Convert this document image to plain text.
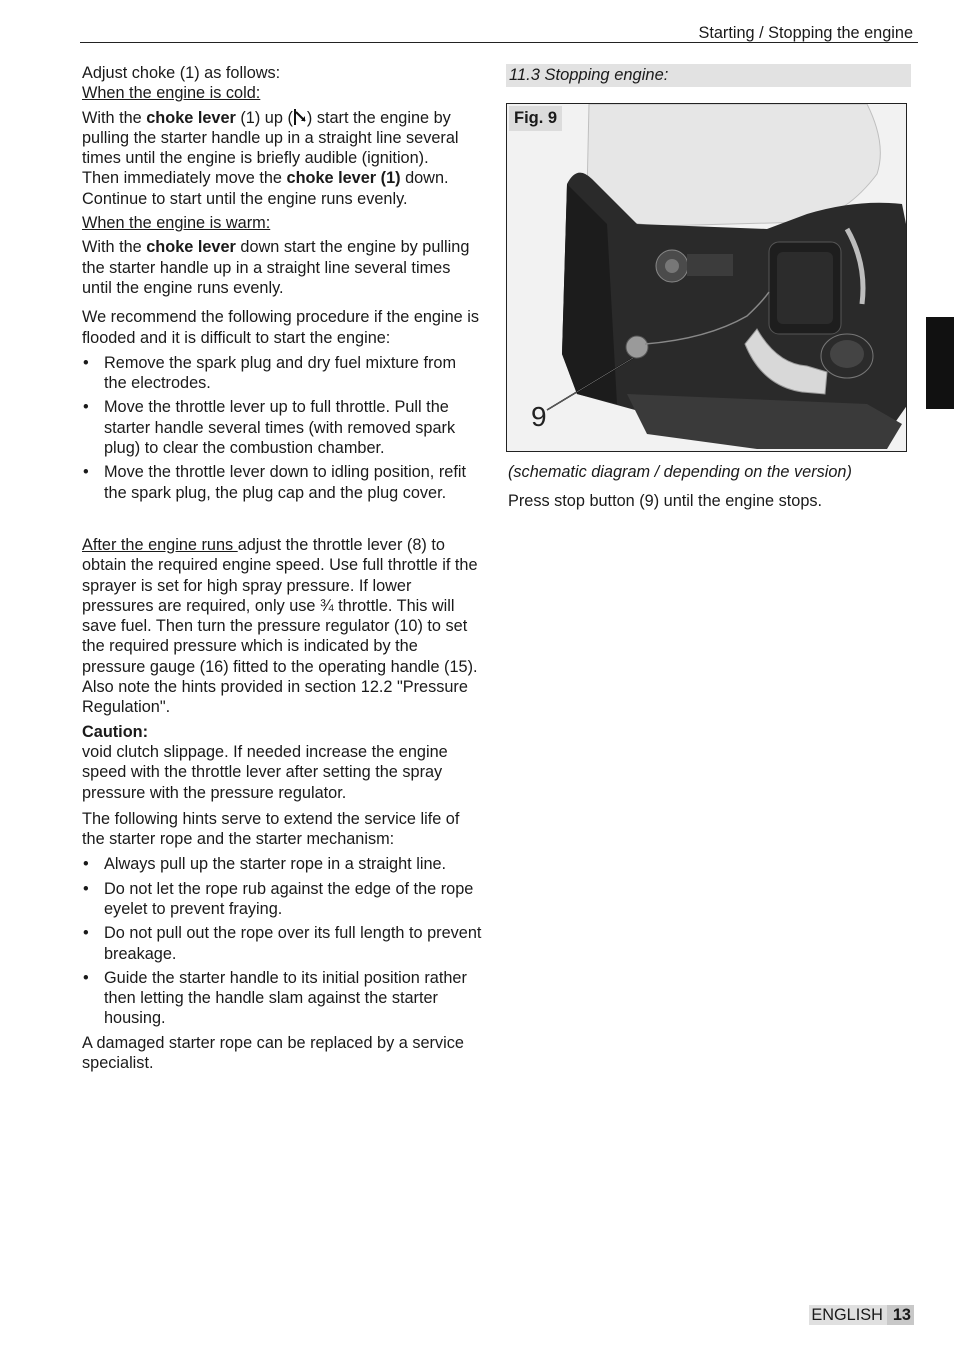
Starting / Stopping the engine

Adjust choke (1) as follows:

When the engine is cold:

With the choke lever (1) up ( ) start the engine by pulling the starter handle up in a straight line several times until the engine is briefly audible (ignition).

Then immediately move the choke lever (1) down. Continue to start until the engine runs evenly.

When the engine is warm:

With the choke lever down start the engine by pulling the starter handle up in a straight line several times until the engine runs evenly.

We recommend the following procedure if the engine is flooded and it is difficult to start the engine:

• Remove the spark plug and dry fuel mixture from the electrodes.
• Move the throttle lever up to full throttle. Pull the starter handle several times (with removed spark plug) to clear the combustion chamber.
• Move the throttle lever down to idling position, refit the spark plug, the plug cap and the plug cover.

After the engine runs adjust the throttle lever (8) to obtain the required engine speed. Use full throttle if the sprayer is set for high spray pressure. If lower pressures are required, only use ¾ throttle. This will save fuel. Then turn the pressure regulator (10) to set the required pressure which is indicated by the pressure gauge (16) fitted to the operating handle (15).

Also note the hints provided in section 12.2 "Pressure Regulation".

Caution:

void clutch slippage. If needed increase the engine speed with the throttle lever after setting the spray pressure with the pressure regulator.

The following hints serve to extend the service life of the starter rope and the starter mechanism:

• Always pull up the starter rope in a straight line.
• Do not let the rope rub against the edge of the rope eyelet to prevent fraying.
• Do not pull out the rope over its full length to prevent breakage.
• Guide the starter handle to its initial position rather then letting the handle slam against the starter housing.

A damaged starter rope can be replaced by a service specialist.

11.3 Stopping engine:
Fig. 9
9

(schematic diagram / depending on the version)

Press stop button (9) until the engine stops.

ENGLISH 13
